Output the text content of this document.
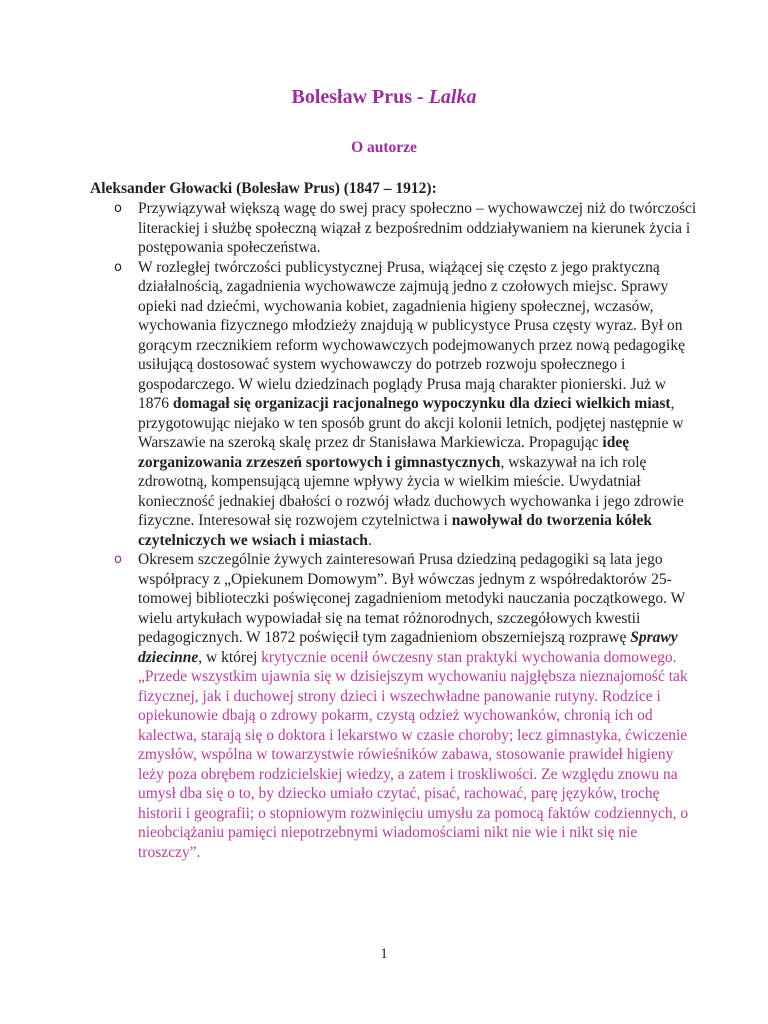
Bolesław Prus - Lalka
O autorze
Aleksander Głowacki (Bolesław Prus) (1847 – 1912):
o Przywiązywał większą wagę do swej pracy społeczno – wychowawczej niż do twórczości literackiej i służbę społeczną wiązał z bezpośrednim oddziaływaniem na kierunek życia i postępowania społeczeństwa.
o W rozległej twórczości publicystycznej Prusa, wiążącej się często z jego praktyczną działalnością, zagadnienia wychowawcze zajmują jedno z czołowych miejsc. Sprawy opieki nad dziećmi, wychowania kobiet, zagadnienia higieny społecznej, wczasów, wychowania fizycznego młodzieży znajdują w publicystyce Prusa częsty wyraz. Był on gorącym rzecznikiem reform wychowawczych podejmowanych przez nową pedagogikę usiłującą dostosować system wychowawczy do potrzeb rozwoju społecznego i gospodarczego. W wielu dziedzinach poglądy Prusa mają charakter pionierski. Już w 1876 domagał się organizacji racjonalnego wypoczynku dla dzieci wielkich miast, przygotowując niejako w ten sposób grunt do akcji kolonii letnich, podjętej następnie w Warszawie na szeroką skalę przez dr Stanisława Markiewicza. Propagując ideę zorganizowania zrzeszeń sportowych i gimnastycznych, wskazywał na ich rolę zdrowotną, kompensującą ujemne wpływy życia w wielkim mieście. Uwydatniał konieczność jednakiej dbałości o rozwój władz duchowych wychowanka i jego zdrowie fizyczne. Interesował się rozwojem czytelnictwa i nawoływał do tworzenia kółek czytelniczych we wsiach i miastach.
o Okresem szczególnie żywych zainteresowań Prusa dziedziną pedagogiki są lata jego współpracy z „Opiekunem Domowym”. Był wówczas jednym z współredaktorów 25-tomowej biblioteczki poświęconej zagadnieniom metodyki nauczania początkowego. W wielu artykułach wypowiadał się na temat różnorodnych, szczegółowych kwestii pedagogicznych. W 1872 poświęcił tym zagadnieniom obszerniejszą rozprawę Sprawy dziecinne, w której krytycznie ocenił ówczesny stan praktyki wychowania domowego. „Przede wszystkim ujawnia się w dzisiejszym wychowaniu najgłębsza nieznajomość tak fizycznej, jak i duchowej strony dzieci i wszechwładne panowanie rutyny. Rodzice i opiekunowie dbają o zdrowy pokarm, czystą odzież wychowanków, chronią ich od kalectwa, starają się o doktora i lekarstwo w czasie choroby; lecz gimnastyka, ćwiczenie zmysłów, wspólna w towarzystwie rówieśników zabawa, stosowanie prawideł higieny leży poza obrębem rodzicielskiej wiedzy, a zatem i troskliwości. Ze względu znowu na umysł dba się o to, by dziecko umiało czytać, pisać, rachować, parę języków, trochę historii i geografii; o stopniowym rozwinięciu umysłu za pomocą faktów codziennych, o nieobciążaniu pamięci niepotrzebnymi wiadomościami nikt nie wie i nikt się nie troszczy”.
1
